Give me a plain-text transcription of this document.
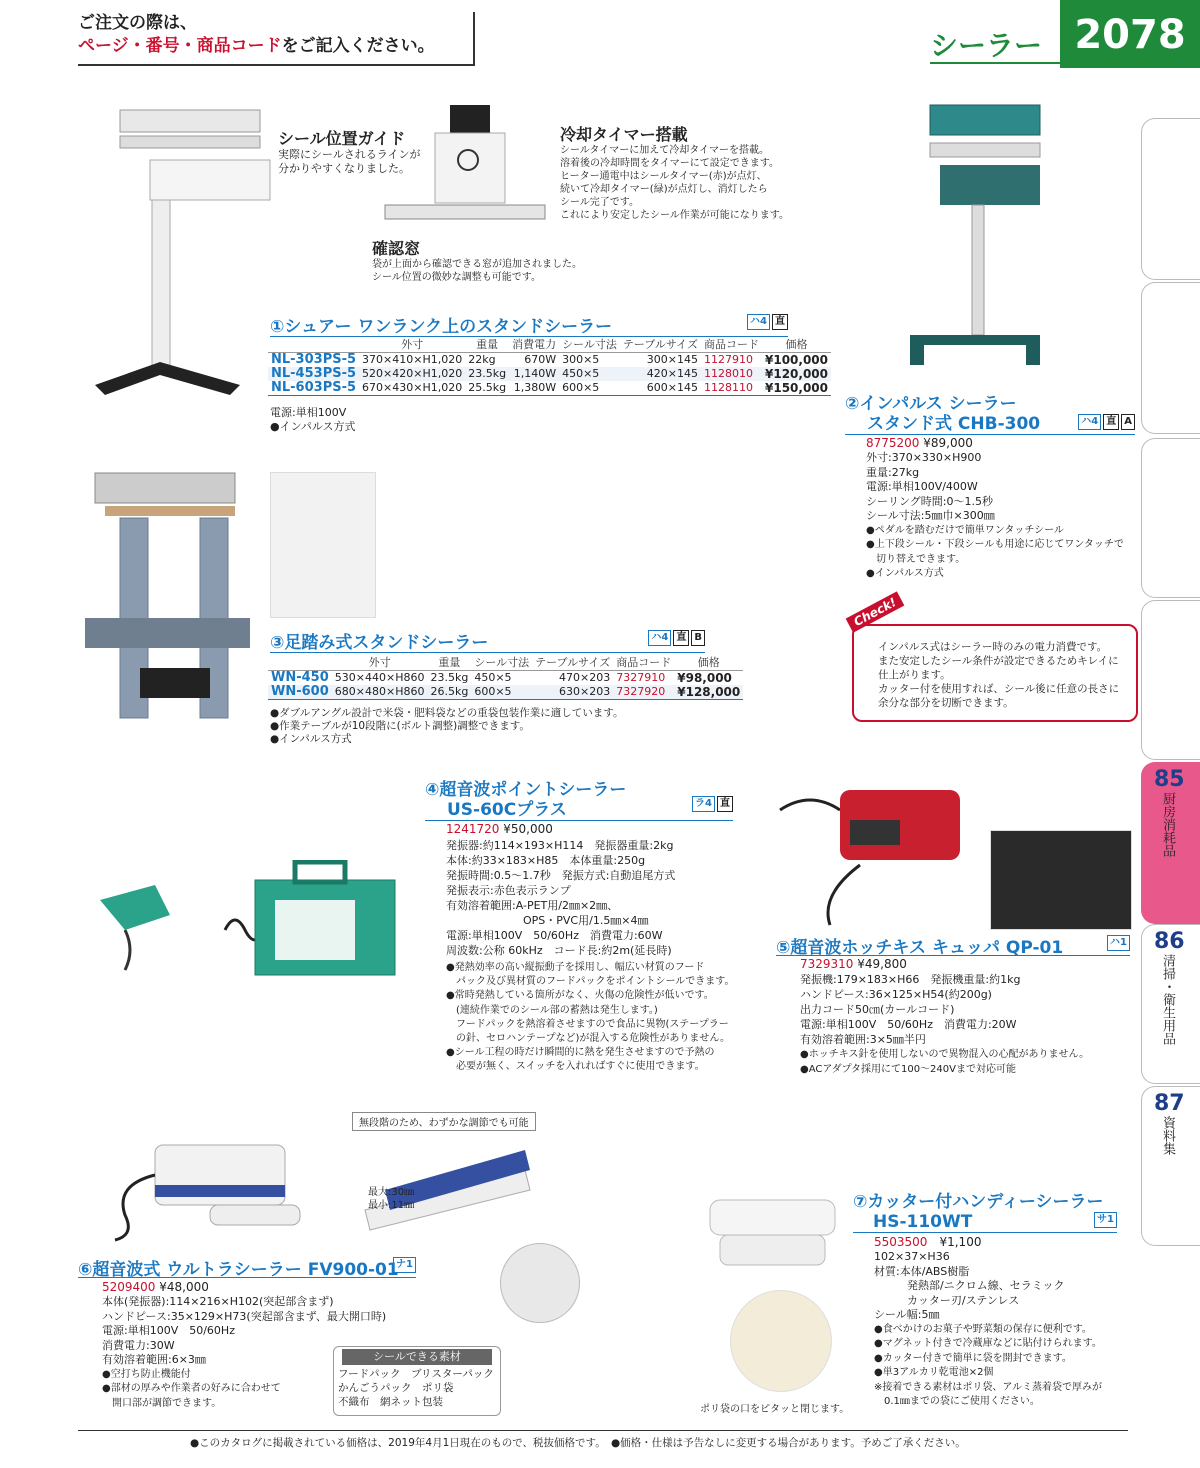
ご注文の際は、
ページ・番号・商品コードをご記入ください。	シーラー 2078
85
厨房消耗品
86
清掃・衛生用品
87
資料集
シール位置ガイド
実際にシールされるラインが
分かりやすくなりました。
冷却タイマー搭載
シールタイマーに加えて冷却タイマーを搭載。
溶着後の冷却時間をタイマーにて設定できます。
ヒーター通電中はシールタイマー(赤)が点灯、
続いて冷却タイマー(緑)が点灯し、消灯したら
シール完了です。
これにより安定したシール作業が可能になります。
確認窓
袋が上面から確認できる窓が追加されました。
シール位置の微妙な調整も可能です。
①シュアー ワンランク上のスタンドシーラー	ハ4 直
	外寸	重量	消費電力	シール寸法	テーブルサイズ	商品コード	価格
NL-303PS-5	370×410×H1,020	22kg	670W	300×5	300×145	1127910	¥100,000
NL-453PS-5	520×420×H1,020	23.5kg	1,140W	450×5	420×145	1128010	¥120,000
NL-603PS-5	670×430×H1,020	25.5kg	1,380W	600×5	600×145	1128110	¥150,000
電源:単相100V
●インパルス方式
②インパルス シーラー
スタンド式 CHB-300	ハ4 直 A
8775200 ¥89,000
外寸:370×330×H900
重量:27kg
電源:単相100V/400W
シーリング時間:0～1.5秒
シール寸法:5㎜巾×300㎜
●ペダルを踏むだけで簡単ワンタッチシール
●上下段シール・下段シールも用途に応じてワンタッチで
　切り替えできます。
●インパルス方式
Check!
インパルス式はシーラー時のみの電力消費です。
また安定したシール条件が設定できるためキレイに
仕上がります。
カッター付を使用すれば、シール後に任意の長さに
余分な部分を切断できます。
③足踏み式スタンドシーラー	ハ4 直 B
	外寸	重量	シール寸法	テーブルサイズ	商品コード	価格
WN-450	530×440×H860	23.5kg	450×5	470×203	7327910	¥98,000
WN-600	680×480×H860	26.5kg	600×5	630×203	7327920	¥128,000
●ダブルアングル設計で米袋・肥料袋などの重袋包装作業に適しています。
●作業テーブルが10段階に(ボルト調整)調整できます。
●インパルス方式
④超音波ポイントシーラー
US-60Cプラス	ラ4 直
1241720 ¥50,000
発振器:約114×193×H114　発振器重量:2kg
本体:約33×183×H85　本体重量:250g
発振時間:0.5～1.7秒　発振方式:自動追尾方式
発振表示:赤色表示ランプ
有効溶着範囲:A-PET用/2㎜×2㎜、
　　　　　　　OPS・PVC用/1.5㎜×4㎜
電源:単相100V　50/60Hz　消費電力:60W
周波数:公称 60kHz　コード長:約2m(延長時)
●発熱効率の高い縦振動子を採用し、幅広い材質のフード
　パック及び異材質のフードパックをポイントシールできます。
●常時発熱している箇所がなく、火傷の危険性が低いです。
　(連続作業でのシール部の蓄熱は発生します。)
　フードパックを熱溶着させますので食品に異物(ステープラー
　の針、セロハンテープなど)が混入する危険性がありません。
●シール工程の時だけ瞬間的に熱を発生させますので予熱の
　必要が無く、スイッチを入れればすぐに使用できます。
⑤超音波ホッチキス キュッパ QP-01	ハ1
7329310 ¥49,800
発振機:179×183×H66　発振機重量:約1kg
ハンドピース:36×125×H54(約200g)
出力コード50㎝(カールコード)
電源:単相100V　50/60Hz　消費電力:20W
有効溶着範囲:3×5㎜半円
●ホッチキス針を使用しないので異物混入の心配がありません。
●ACアダプタ採用にて100～240Vまで対応可能
無段階のため、わずかな調節でも可能
最大:30㎜
最小:11㎜
⑥超音波式 ウルトラシーラー FV900-01
ナ1
5209400 ¥48,000
本体(発振器):114×216×H102(突起部含まず)
ハンドピース:35×129×H73(突起部含まず、最大開口時)
電源:単相100V　50/60Hz
消費電力:30W
有効溶着範囲:6×3㎜
●空打ち防止機能付
●部材の厚みや作業者の好みに合わせて
　開口部が調節できます。
シールできる素材
フードパック　ブリスターパック
かんごうパック　ポリ袋
不織布　網ネット包装
ポリ袋の口をピタッと閉じます。
⑦カッター付ハンディーシーラー
HS-110WT	サ1
5503500　 ¥1,100
102×37×H36
材質:本体/ABS樹脂
　　　発熱部/ニクロム線、セラミック
　　　カッター刃/ステンレス
シール幅:5㎜
●食べかけのお菓子や野菜類の保存に便利です。
●マグネット付きで冷蔵庫などに貼付けられます。
●カッター付きで簡単に袋を開封できます。
●単3アルカリ乾電池×2個
※接着できる素材はポリ袋、アルミ蒸着袋で厚みが
　0.1㎜までの袋にご使用ください。
●このカタログに掲載されている価格は、2019年4月1日現在のもので、税抜価格です。　 ●価格・仕様は予告なしに変更する場合があります。予めご了承ください。
